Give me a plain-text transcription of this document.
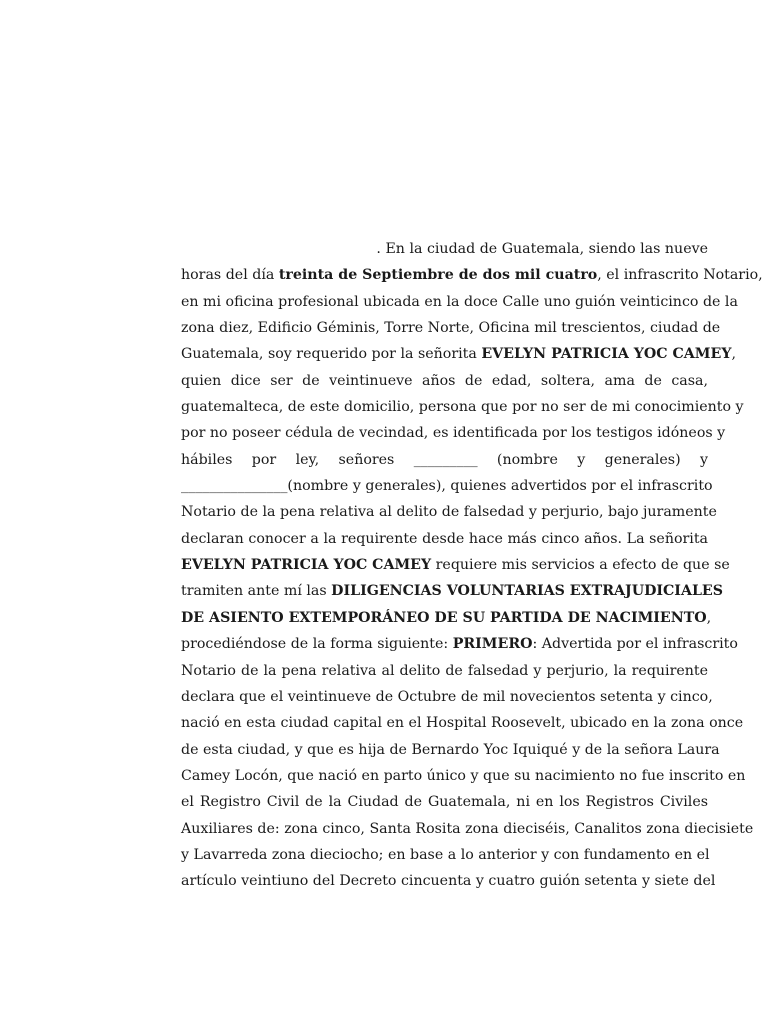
. En la ciudad de Guatemala, siendo las nueve
horas del día treinta de Septiembre de dos mil cuatro, el infrascrito Notario,
en mi oficina profesional ubicada en la doce Calle uno guión veinticinco de la
zona diez, Edificio Géminis, Torre Norte, Oficina mil trescientos, ciudad de
Guatemala, soy requerido por la señorita EVELYN PATRICIA YOC CAMEY,
quien dice ser de veintinueve años de edad, soltera, ama de casa,
guatemalteca, de este domicilio, persona que por no ser de mi conocimiento y
por no poseer cédula de vecindad, es identificada por los testigos idóneos y
hábiles por ley, señores _________ (nombre y generales) y
_______________(nombre y generales), quienes advertidos por el infrascrito
Notario de la pena relativa al delito de falsedad y perjurio, bajo juramente
declaran conocer a la requirente desde hace más cinco años. La señorita
EVELYN PATRICIA YOC CAMEY requiere mis servicios a efecto de que se
tramiten ante mí las DILIGENCIAS VOLUNTARIAS EXTRAJUDICIALES
DE ASIENTO EXTEMPORÁNEO DE SU PARTIDA DE NACIMIENTO,
procediéndose de la forma siguiente: PRIMERO: Advertida por el infrascrito
Notario de la pena relativa al delito de falsedad y perjurio, la requirente
declara que el veintinueve de Octubre de mil novecientos setenta y cinco,
nació en esta ciudad capital en el Hospital Roosevelt, ubicado en la zona once
de esta ciudad, y que es hija de Bernardo Yoc Iquiqué y de la señora Laura
Camey Locón, que nació en parto único y que su nacimiento no fue inscrito en
el Registro Civil de la Ciudad de Guatemala, ni en los Registros Civiles
Auxiliares de: zona cinco, Santa Rosita zona dieciséis, Canalitos zona diecisiete
y Lavarreda zona dieciocho; en base a lo anterior y con fundamento en el
artículo veintiuno del Decreto cincuenta y cuatro guión setenta y siete del
